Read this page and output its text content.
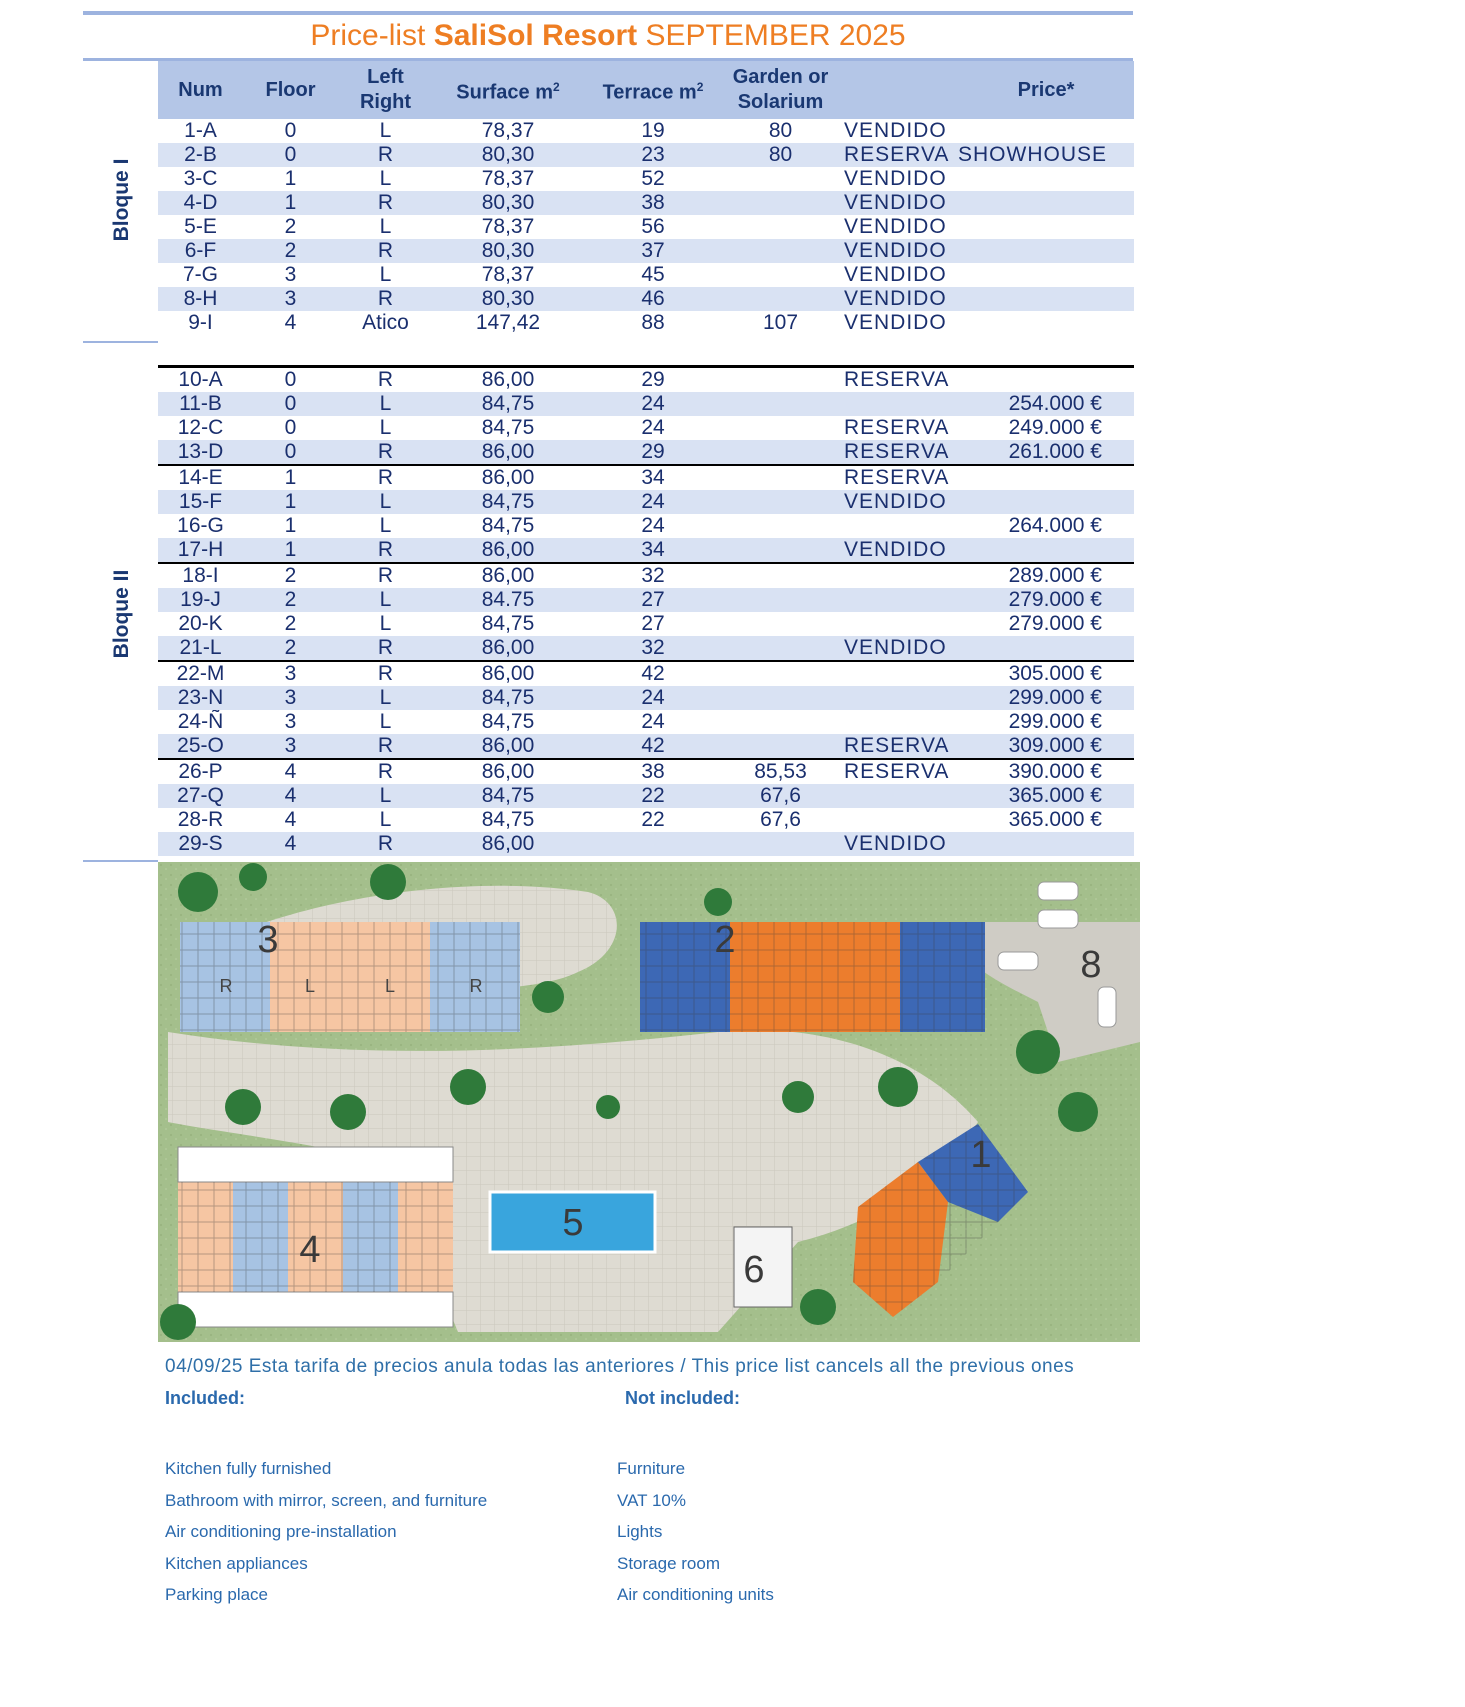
Price-list SaliSol Resort SEPTEMBER 2025
Bloque I
Bloque II
Num	Floor	Left
Right	Surface $m^2$	Terrace $m^2$	Garden or
Solarium		Price*
1-A	0	L	78,37	19	80	VENDIDO	
2-B	0	R	80,30	23	80	RESERVA	SHOWHOUSE
3-C	1	L	78,37	52		VENDIDO	
4-D	1	R	80,30	38		VENDIDO	
5-E	2	L	78,37	56		VENDIDO	
6-F	2	R	80,30	37		VENDIDO	
7-G	3	L	78,37	45		VENDIDO	
8-H	3	R	80,30	46		VENDIDO	
9-I	4	Atico	147,42	88	107	VENDIDO	

10-A	0	R	86,00	29		RESERVA	
11-B	0	L	84,75	24			254.000 €
12-C	0	L	84,75	24		RESERVA	249.000 €
13-D	0	R	86,00	29		RESERVA	261.000 €
14-E	1	R	86,00	34		RESERVA	
15-F	1	L	84,75	24		VENDIDO	
16-G	1	L	84,75	24			264.000 €
17-H	1	R	86,00	34		VENDIDO	
18-I	2	R	86,00	32			289.000 €
19-J	2	L	84.75	27			279.000 €
20-K	2	L	84,75	27			279.000 €
21-L	2	R	86,00	32		VENDIDO	
22-M	3	R	86,00	42			305.000 €
23-N	3	L	84,75	24			299.000 €
24-Ñ	3	L	84,75	24			299.000 €
25-O	3	R	86,00	42		RESERVA	309.000 €
26-P	4	R	86,00	38	85,53	RESERVA	390.000 €
27-Q	4	L	84,75	22	67,6		365.000 €
28-R	4	L	84,75	22	67,6		365.000 €
29-S	4	R	86,00			VENDIDO	
1
2
3
4
5
6
8
R	L	L	R
04/09/25 Esta tarifa de precios anula todas las anteriores / This price list cancels all the previous ones
Included:	Not included:
Kitchen fully furnished
Bathroom with mirror, screen, and furniture
Air conditioning pre-installation
Kitchen appliances
Parking place
Furniture
VAT 10%
Lights
Storage room
Air conditioning units
